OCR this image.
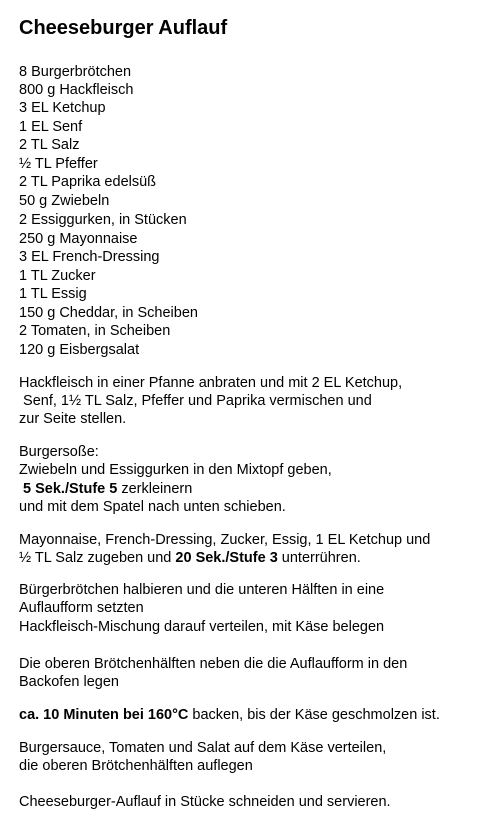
Cheeseburger Auflauf
8 Burgerbrötchen
800 g Hackfleisch
3 EL Ketchup
1 EL Senf
2 TL Salz
½ TL Pfeffer
2 TL Paprika edelsüß
50 g Zwiebeln
2 Essiggurken, in Stücken
250 g Mayonnaise
3 EL French-Dressing
1 TL Zucker
1 TL Essig
150 g Cheddar, in Scheiben
2 Tomaten, in Scheiben
120 g Eisbergsalat
Hackfleisch in einer Pfanne anbraten und mit 2 EL Ketchup,
Senf, 1½ TL Salz, Pfeffer und Paprika vermischen und
zur Seite stellen.
Burgersoße:
Zwiebeln und Essiggurken in den Mixtopf geben,
5 Sek./Stufe 5 zerkleinern
und mit dem Spatel nach unten schieben.
Mayonnaise, French-Dressing, Zucker, Essig, 1 EL Ketchup und
½ TL Salz zugeben und 20 Sek./Stufe 3 unterrühren.
Bürgerbrötchen halbieren und die unteren Hälften in eine
Auflaufform setzten
Hackfleisch-Mischung darauf verteilen, mit Käse belegen
Die oberen Brötchenhälften neben die die Auflaufform in den
Backofen legen
ca. 10 Minuten bei 160°C backen, bis der Käse geschmolzen ist.
Burgersauce, Tomaten und Salat auf dem Käse verteilen,
die oberen Brötchenhälften auflegen
Cheeseburger-Auflauf in Stücke schneiden und servieren.
